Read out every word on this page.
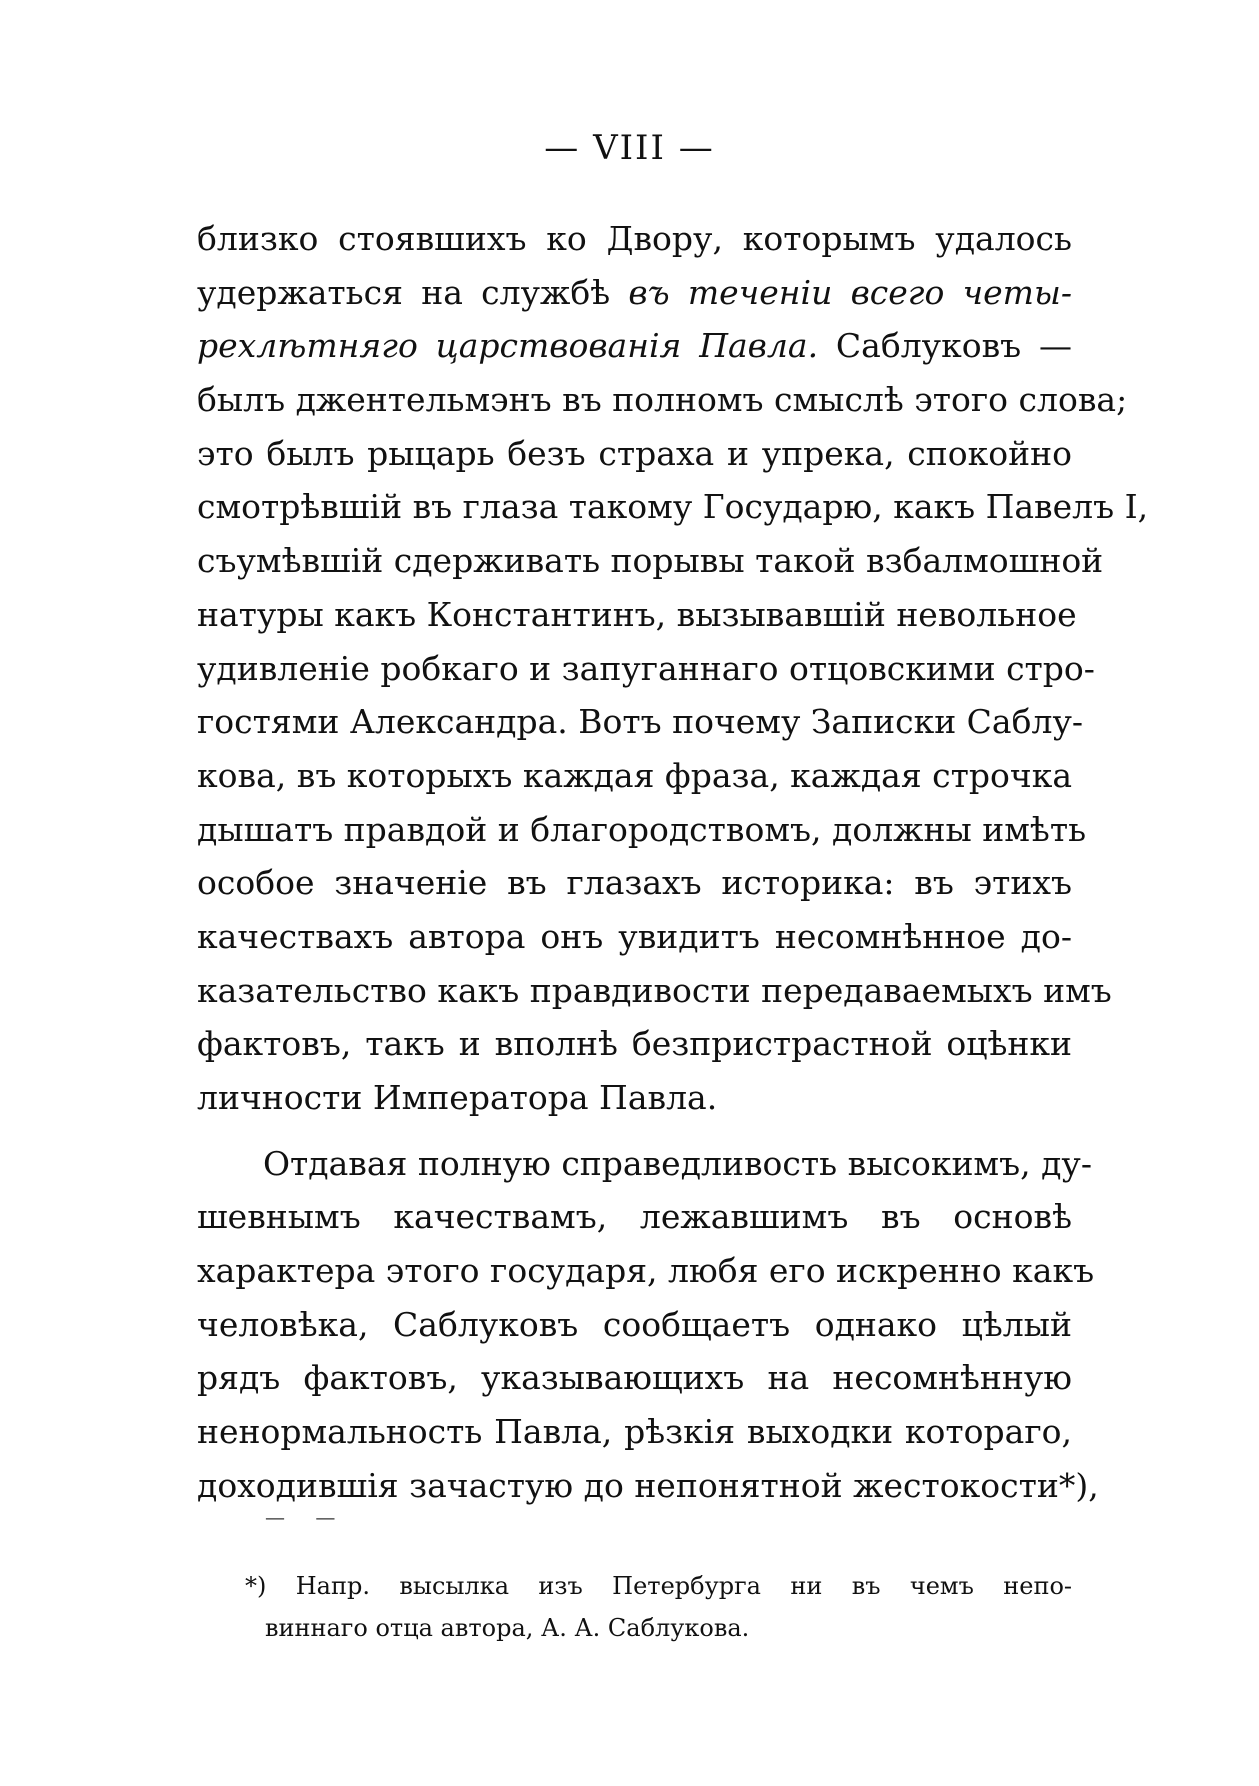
— VIII —
близко стоявшихъ ко Двору, которымъ удалось
удержаться на службѣ въ теченіи всего четы-
рехлѣтняго царствованія Павла. Саблуковъ —
былъ джентельмэнъ въ полномъ смыслѣ этого слова;
это былъ рыцарь безъ страха и упрека, спокойно
смотрѣвшій въ глаза такому Государю, какъ Павелъ I,
съумѣвшій сдерживать порывы такой взбалмошной
натуры какъ Константинъ, вызывавшій невольное
удивленіе робкаго и запуганнаго отцовскими стро-
гостями Александра. Вотъ почему Записки Саблу-
кова, въ которыхъ каждая фраза, каждая строчка
дышатъ правдой и благородствомъ, должны имѣть
особое значеніе въ глазахъ историка: въ этихъ
качествахъ автора онъ увидитъ несомнѣнное до-
казательство какъ правдивости передаваемыхъ имъ
фактовъ, такъ и вполнѣ безпристрастной оцѣнки
личности Императора Павла.
Отдавая полную справедливость высокимъ, ду-
шевнымъ качествамъ, лежавшимъ въ основѣ
характера этого государя, любя его искренно какъ
человѣка, Саблуковъ сообщаетъ однако цѣлый
рядъ фактовъ, указывающихъ на несомнѣнную
ненормальность Павла, рѣзкія выходки котораго,
доходившія зачастую до непонятной жестокости*),
— —
*) Напр. высылка изъ Петербурга ни въ чемъ непо-
виннаго отца автора, А. А. Саблукова.
